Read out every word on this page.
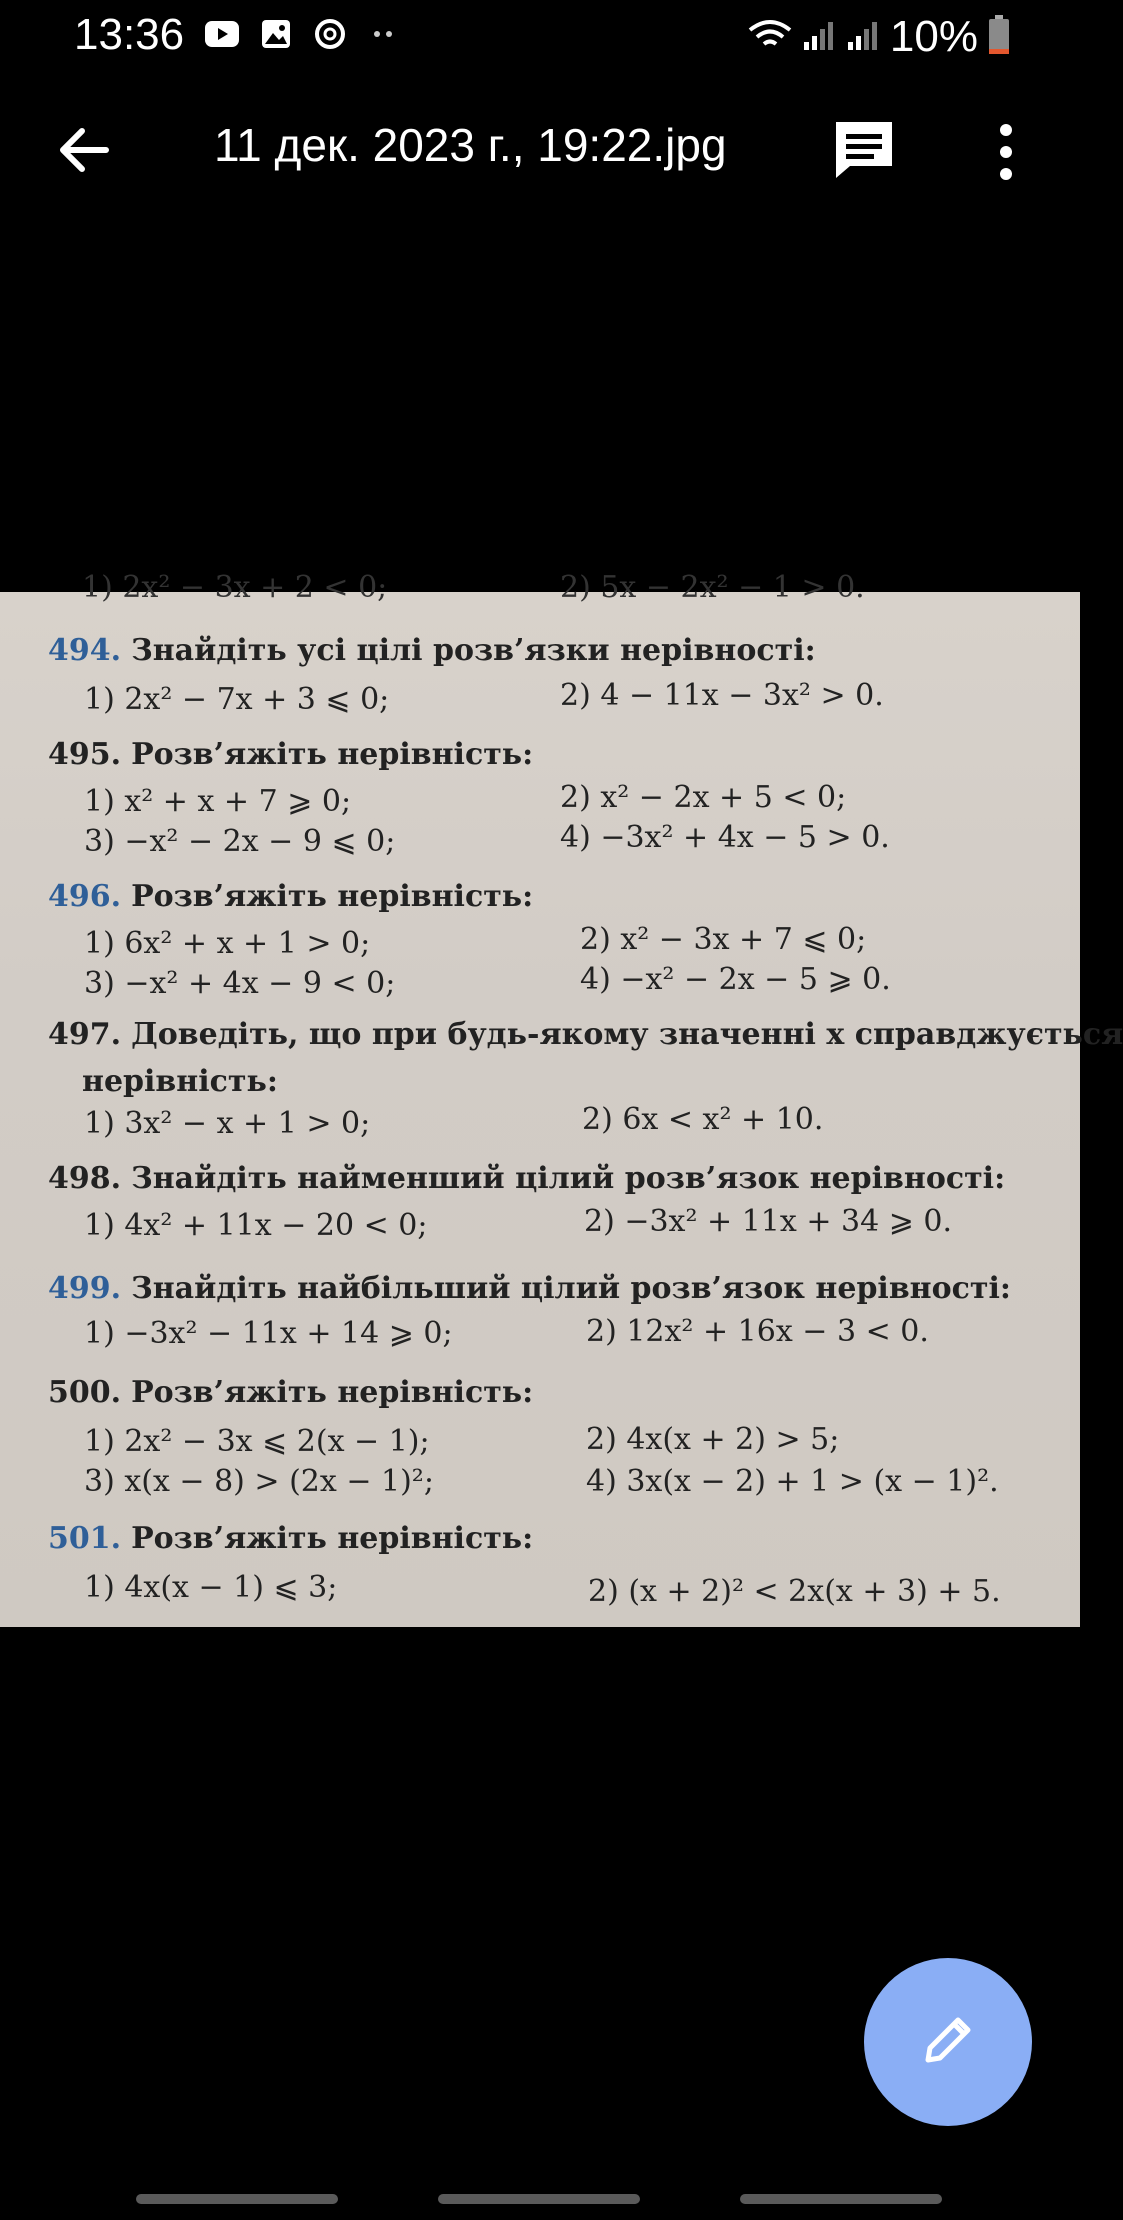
13:36	10%
11 дек. 2023 г., 19:22.jpg
1) 2x² − 3x + 2 < 0;	2) 5x − 2x² − 1 > 0.
494. Знайдіть усі цілі розв’язки нерівності:
1) 2x² − 7x + 3 ⩽ 0;	2) 4 − 11x − 3x² > 0.
495. Розв’яжіть нерівність:
1) x² + x + 7 ⩾ 0;	2) x² − 2x + 5 < 0;
3) −x² − 2x − 9 ⩽ 0;	4) −3x² + 4x − 5 > 0.
496. Розв’яжіть нерівність:
1) 6x² + x + 1 > 0;	2) x² − 3x + 7 ⩽ 0;
3) −x² + 4x − 9 < 0;	4) −x² − 2x − 5 ⩾ 0.
497. Доведіть, що при будь-якому значенні x справджується
нерівність:
1) 3x² − x + 1 > 0;	2) 6x < x² + 10.
498. Знайдіть найменший цілий розв’язок нерівності:
1) 4x² + 11x − 20 < 0;	2) −3x² + 11x + 34 ⩾ 0.
499. Знайдіть найбільший цілий розв’язок нерівності:
1) −3x² − 11x + 14 ⩾ 0;	2) 12x² + 16x − 3 < 0.
500. Розв’яжіть нерівність:
1) 2x² − 3x ⩽ 2(x − 1);	2) 4x(x + 2) > 5;
3) x(x − 8) > (2x − 1)²;	4) 3x(x − 2) + 1 > (x − 1)².
501. Розв’яжіть нерівність:
1) 4x(x − 1) ⩽ 3;	2) (x + 2)² < 2x(x + 3) + 5.
